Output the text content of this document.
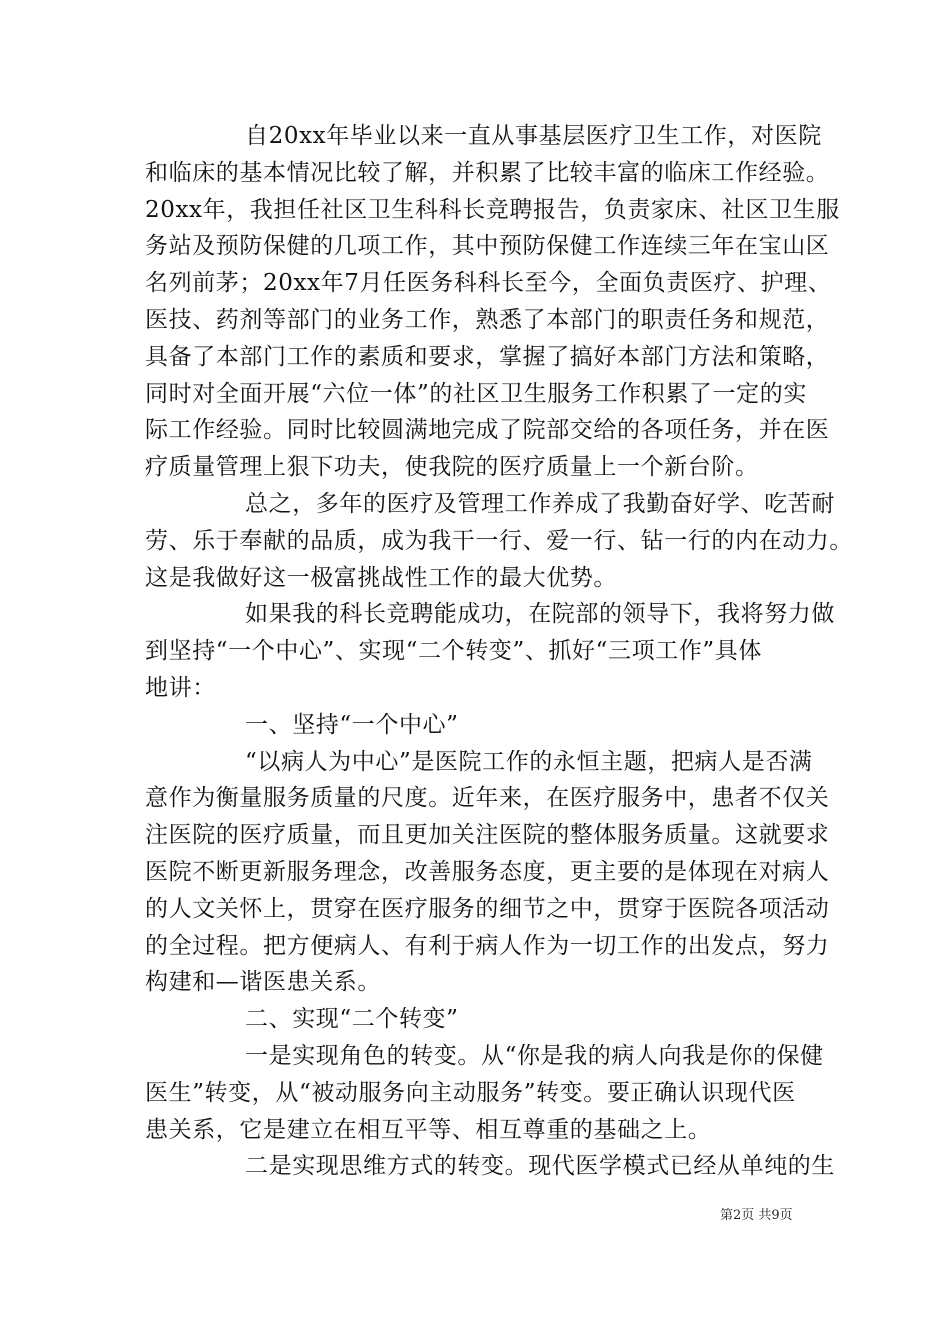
自20xx年毕业以来一直从事基层医疗卫生工作，对医院
和临床的基本情况比较了解，并积累了比较丰富的临床工作经验。
20xx年，我担任社区卫生科科长竞聘报告，负责家床、社区卫生服
务站及预防保健的几项工作，其中预防保健工作连续三年在宝山区
名列前茅；20xx年7月任医务科科长至今，全面负责医疗、护理、
医技、药剂等部门的业务工作，熟悉了本部门的职责任务和规范，
具备了本部门工作的素质和要求，掌握了搞好本部门方法和策略，
同时对全面开展“六位一体”的社区卫生服务工作积累了一定的实
际工作经验。同时比较圆满地完成了院部交给的各项任务，并在医
疗质量管理上狠下功夫，使我院的医疗质量上一个新台阶。
总之，多年的医疗及管理工作养成了我勤奋好学、吃苦耐
劳、乐于奉献的品质，成为我干一行、爱一行、钻一行的内在动力。
这是我做好这一极富挑战性工作的最大优势。
如果我的科长竞聘能成功，在院部的领导下，我将努力做
到坚持“一个中心”、实现“二个转变”、抓好“三项工作”具体
地讲：
一、坚持“一个中心”
“以病人为中心”是医院工作的永恒主题，把病人是否满
意作为衡量服务质量的尺度。近年来，在医疗服务中，患者不仅关
注医院的医疗质量，而且更加关注医院的整体服务质量。这就要求
医院不断更新服务理念，改善服务态度，更主要的是体现在对病人
的人文关怀上，贯穿在医疗服务的细节之中，贯穿于医院各项活动
的全过程。把方便病人、有利于病人作为一切工作的出发点，努力
构建和—谐医患关系。
二、实现“二个转变”
一是实现角色的转变。从“你是我的病人向我是你的保健
医生”转变，从“被动服务向主动服务”转变。要正确认识现代医
患关系，它是建立在相互平等、相互尊重的基础之上。
二是实现思维方式的转变。现代医学模式已经从单纯的生
第2页 共9页
